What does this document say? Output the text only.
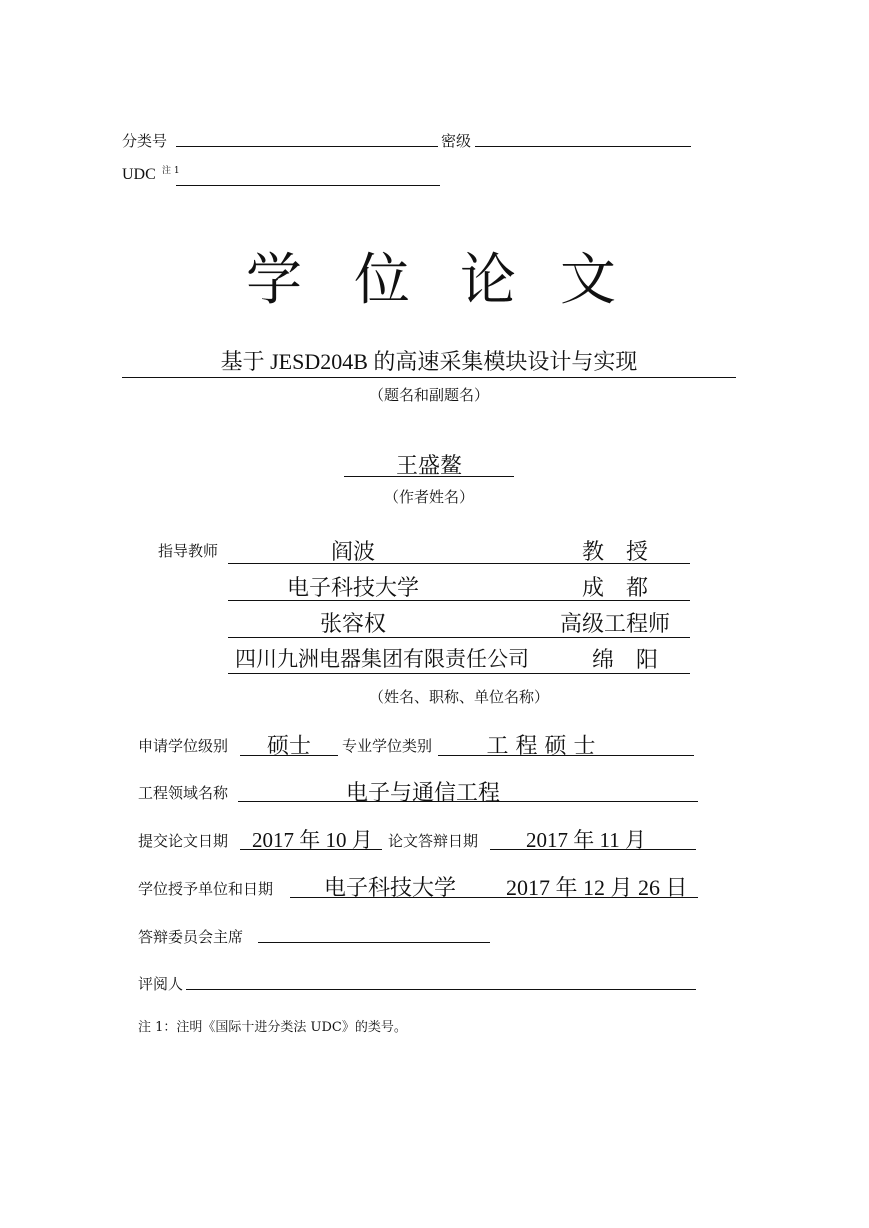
分类号	密级
UDC 注 1
学 位 论 文
基于 JESD204B 的高速采集模块设计与实现
（题名和副题名）
王盛鳌
（作者姓名）
指导教师	阎波	教　授
电子科技大学	成　都
张容权	高级工程师
四川九洲电器集团有限责任公司	绵　阳
（姓名、职称、单位名称）
申请学位级别	硕士	专业学位类别	工 程 硕 士
工程领域名称	电子与通信工程
提交论文日期 2017 年 10 月 论文答辩日期 2017 年 11 月
学位授予单位和日期 电子科技大学 2017 年 12 月 26 日
答辩委员会主席
评阅人
注 1：注明《国际十进分类法 UDC》的类号。
